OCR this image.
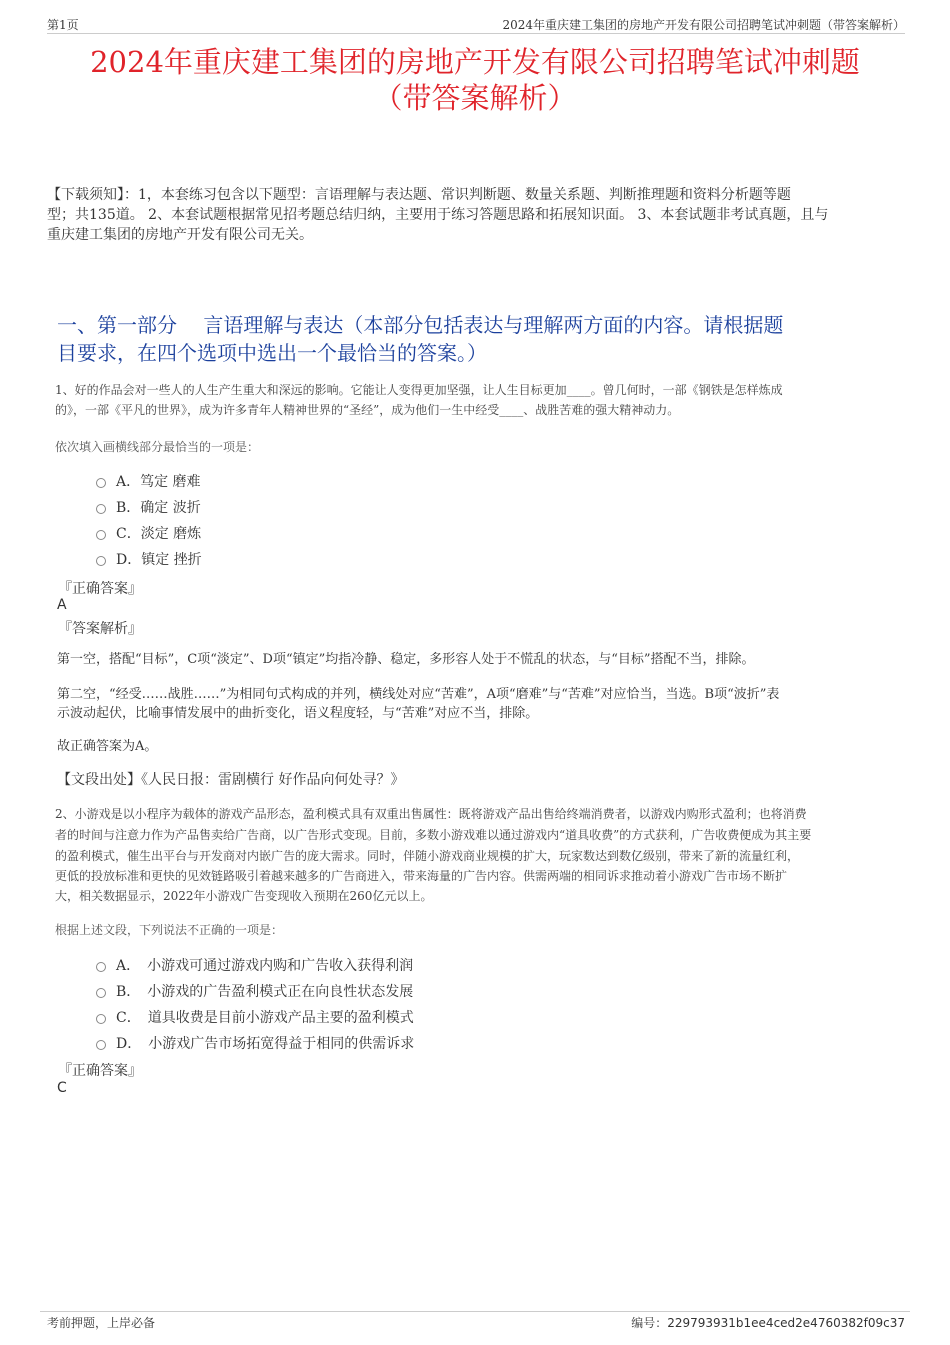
第1页	2024年重庆建工集团的房地产开发有限公司招聘笔试冲刺题（带答案解析）
2024年重庆建工集团的房地产开发有限公司招聘笔试冲刺题
（带答案解析）
【下载须知】：1，本套练习包含以下题型：言语理解与表达题、常识判断题、数量关系题、判断推理题和资料分析题等题
型；共135道。 2、本套试题根据常见招考题总结归纳，主要用于练习答题思路和拓展知识面。 3、本套试题非考试真题，且与
重庆建工集团的房地产开发有限公司无关。
一、第一部分　 言语理解与表达（本部分包括表达与理解两方面的内容。请根据题
目要求，在四个选项中选出一个最恰当的答案。）
1、好的作品会对一些人的人生产生重大和深远的影响。它能让人变得更加坚强，让人生目标更加____。曾几何时，一部《钢铁是怎样炼成
的》，一部《平凡的世界》，成为许多青年人精神世界的“圣经”，成为他们一生中经受____、战胜苦难的强大精神动力。
依次填入画横线部分最恰当的一项是：
A．笃定 磨难
B．确定 波折
C．淡定 磨炼
D．镇定 挫折
『正确答案』
A
『答案解析』
第一空，搭配“目标”，C项“淡定”、D项“镇定”均指冷静、稳定，多形容人处于不慌乱的状态，与“目标”搭配不当，排除。
第二空，“经受……战胜……”为相同句式构成的并列，横线处对应“苦难”，A项“磨难”与“苦难”对应恰当，当选。B项“波折”表
示波动起伏，比喻事情发展中的曲折变化，语义程度轻，与“苦难”对应不当，排除。
故正确答案为A。
【文段出处】《人民日报：雷剧横行 好作品向何处寻？》
2、小游戏是以小程序为载体的游戏产品形态，盈利模式具有双重出售属性：既将游戏产品出售给终端消费者，以游戏内购形式盈利；也将消费
者的时间与注意力作为产品售卖给广告商，以广告形式变现。目前，多数小游戏难以通过游戏内“道具收费”的方式获利，广告收费便成为其主要
的盈利模式，催生出平台与开发商对内嵌广告的庞大需求。同时，伴随小游戏商业规模的扩大，玩家数达到数亿级别，带来了新的流量红利，
更低的投放标准和更快的见效链路吸引着越来越多的广告商进入，带来海量的广告内容。供需两端的相同诉求推动着小游戏广告市场不断扩
大，相关数据显示，2022年小游戏广告变现收入预期在260亿元以上。
根据上述文段，下列说法不正确的一项是：
A．　小游戏可通过游戏内购和广告收入获得利润
B．　小游戏的广告盈利模式正在向良性状态发展
C．　道具收费是目前小游戏产品主要的盈利模式
D．　小游戏广告市场拓宽得益于相同的供需诉求
『正确答案』
C
考前押题，上岸必备	编号：229793931b1ee4ced2e4760382f09c37
